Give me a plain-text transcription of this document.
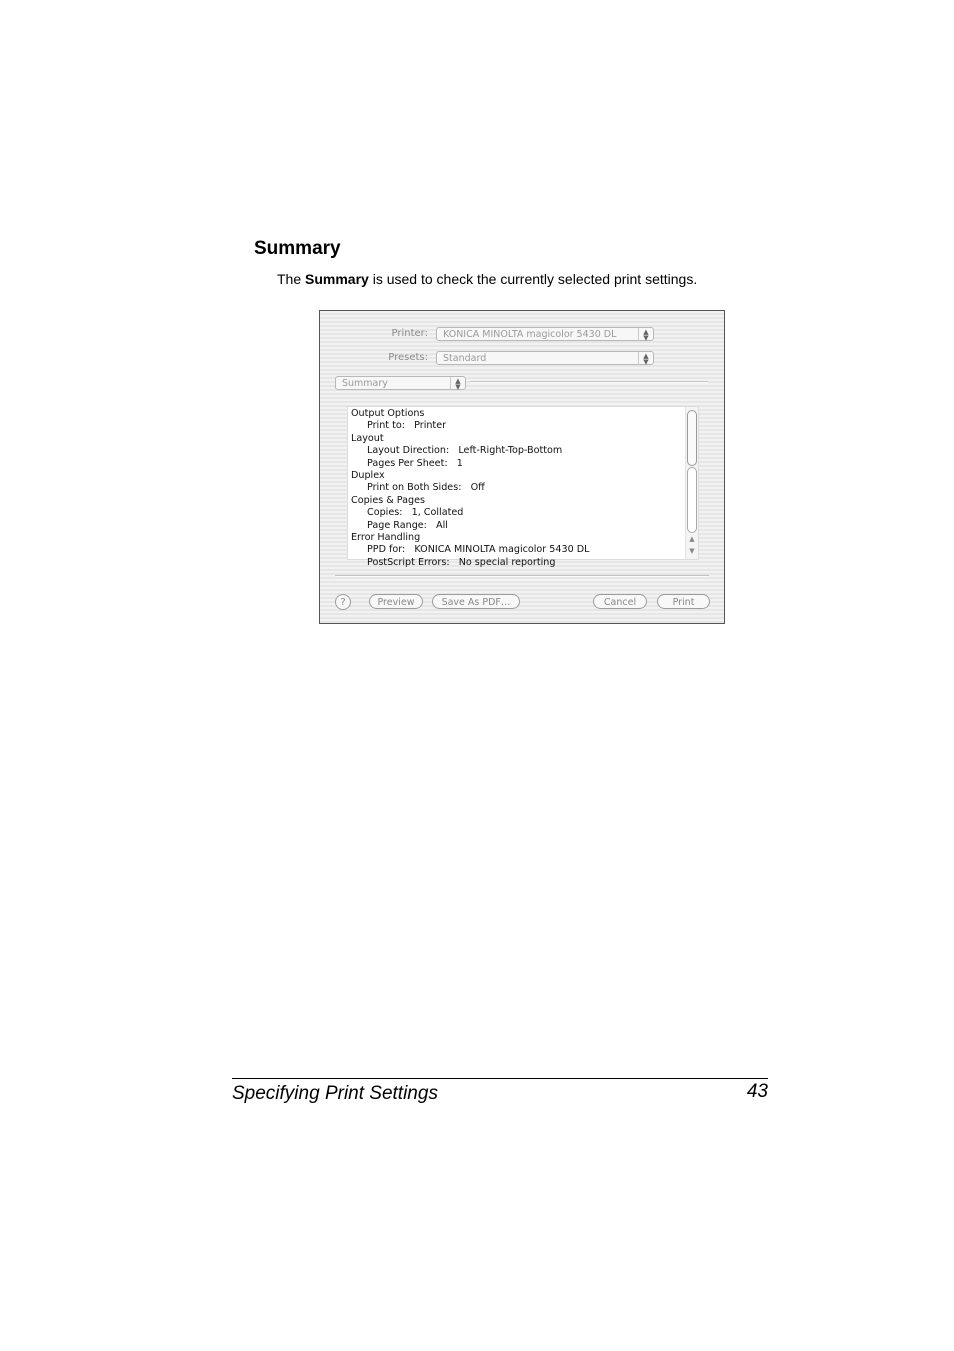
Summary
The Summary is used to check the currently selected print settings.
Printer:	KONICA MINOLTA magicolor 5430 DL	▲
▼
Presets:	Standard	▲
▼
Summary	▲
▼
Output Options
Print to:   Printer
Layout
Layout Direction:   Left-Right-Top-Bottom
Pages Per Sheet:   1
Duplex
Print on Both Sides:   Off
Copies & Pages
Copies:   1, Collated
Page Range:   All
Error Handling
PPD for:   KONICA MINOLTA magicolor 5430 DL
PostScript Errors:   No special reporting
▲
▼
?	Preview	Save As PDF…	Cancel	Print
Specifying Print Settings	43
